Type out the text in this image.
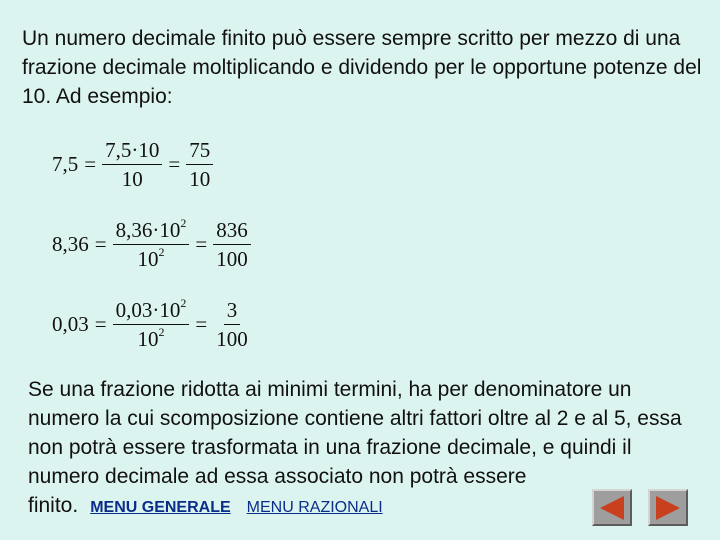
Un numero decimale finito può essere sempre scritto per mezzo di una frazione decimale moltiplicando e dividendo per le opportune potenze del 10. Ad esempio:

$7,5 = \frac{7,5\cdot 10}{10} = \frac{75}{10}$
$8,36 = \frac{8,36\cdot 10^2}{10^2} = \frac{836}{100}$
$0,03 = \frac{0,03\cdot 10^2}{10^2} = \frac{3}{100}$

Se una frazione ridotta ai minimi termini, ha per denominatore un numero la cui scomposizione contiene altri fattori oltre al 2 e al 5, essa non potrà essere trasformata in una frazione decimale, e quindi il numero decimale ad essa associato non potrà essere finito. MENU GENERALE MENU RAZIONALI
